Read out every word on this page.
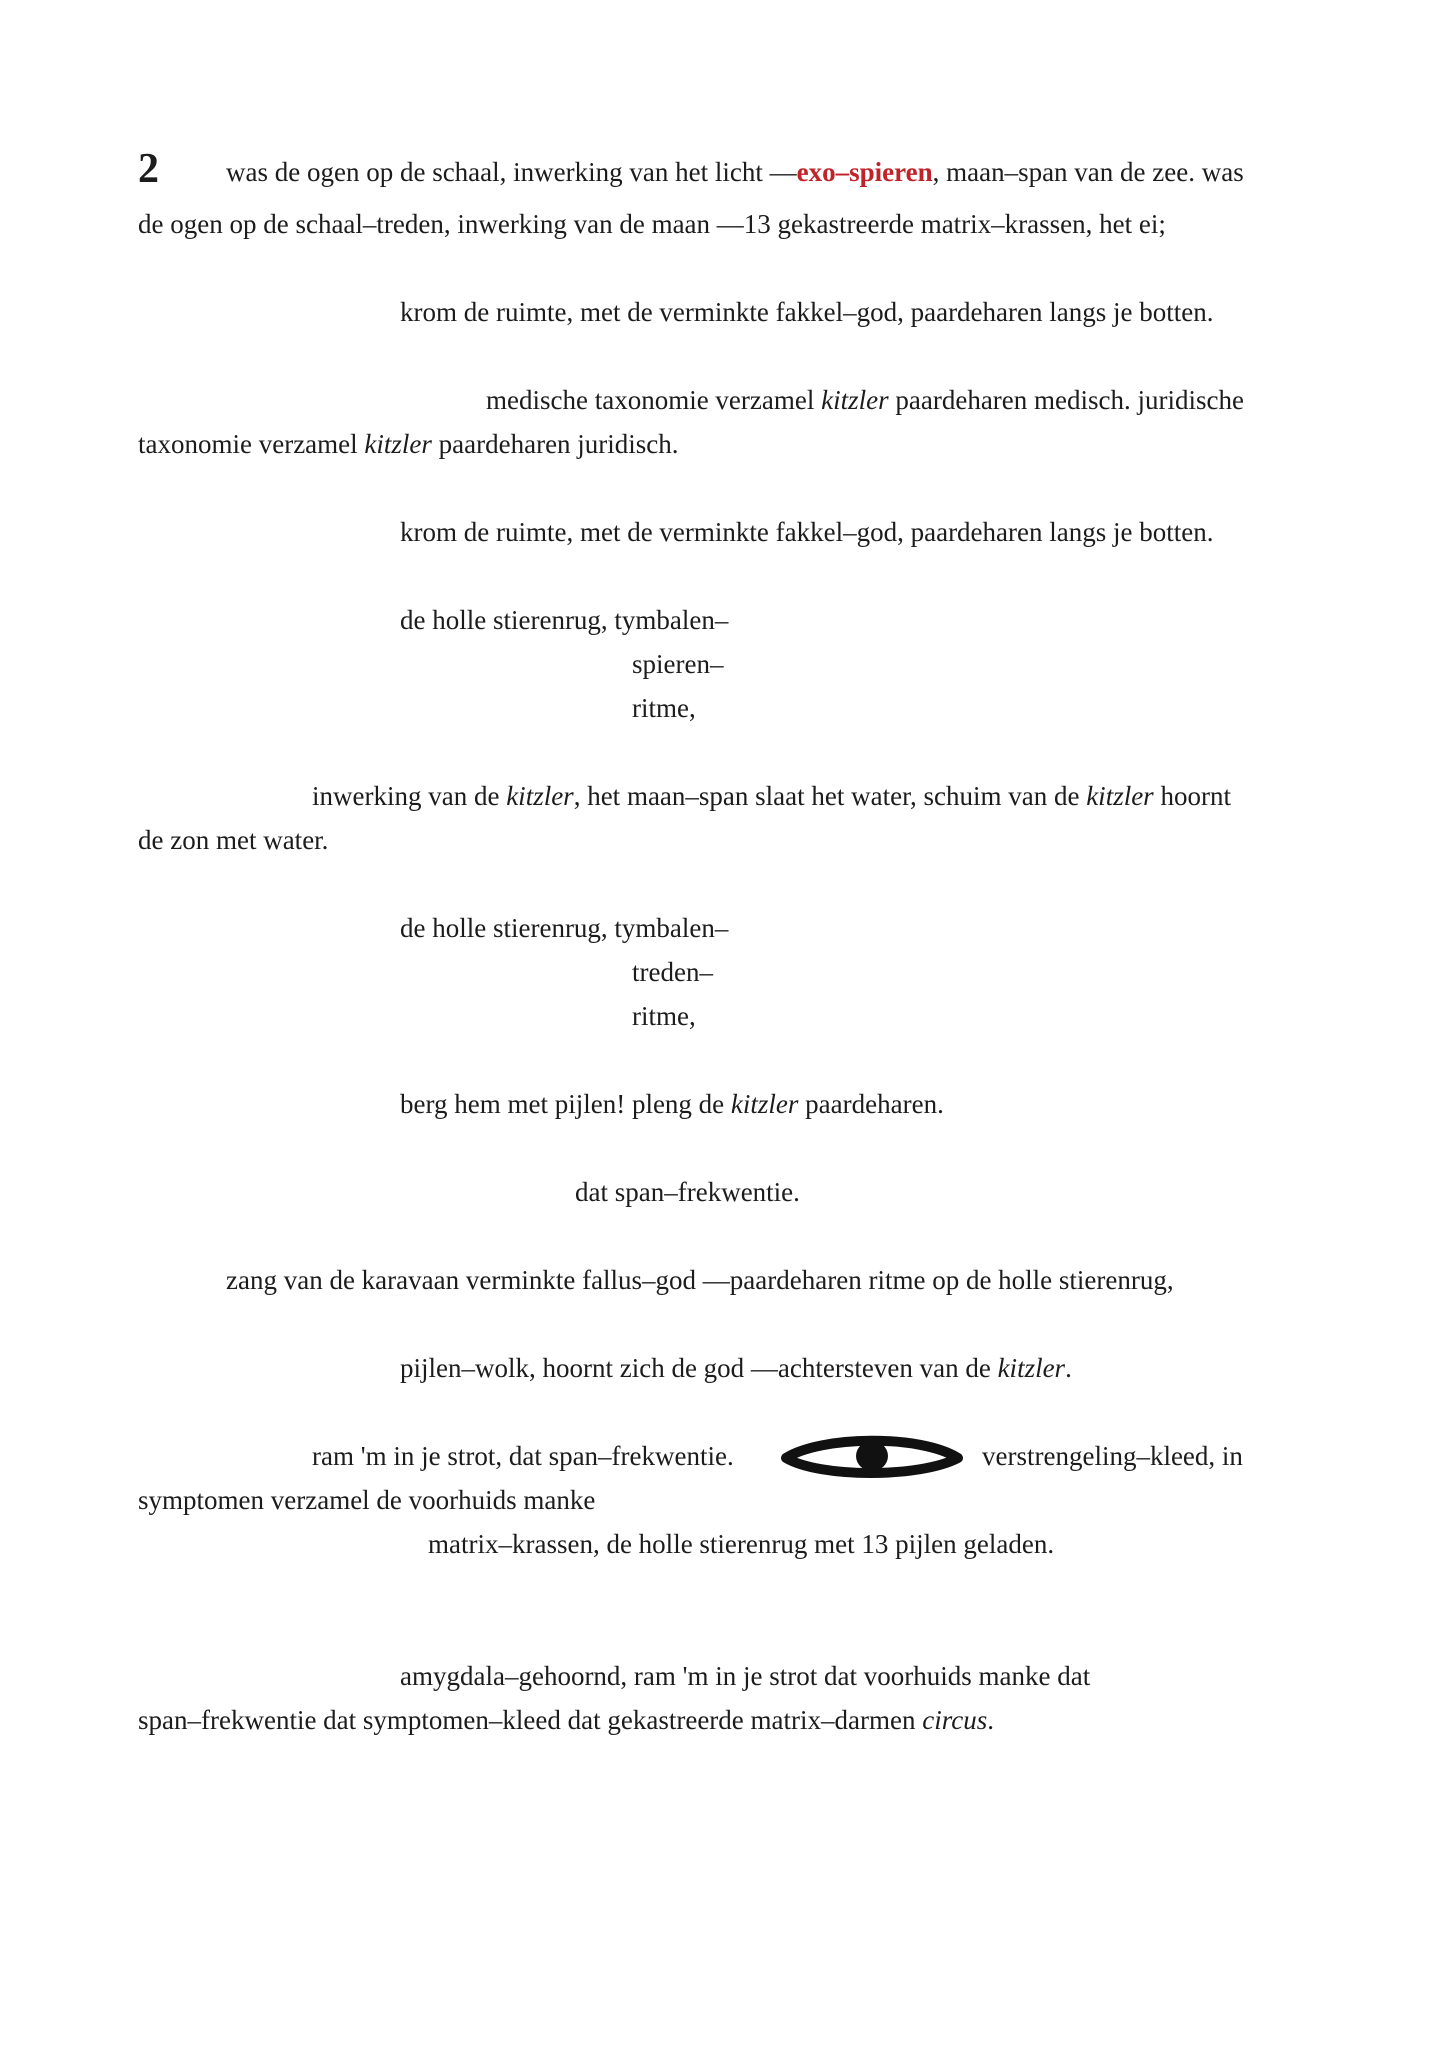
2 was de ogen op de schaal, inwerking van het licht —exo–spieren, maan–span van de zee. was
de ogen op de schaal–treden, inwerking van de maan —13 gekastreerde matrix–krassen, het ei;
krom de ruimte, met de verminkte fakkel–god, paardeharen langs je botten.
medische taxonomie verzamel kitzler paardeharen medisch. juridische
taxonomie verzamel kitzler paardeharen juridisch.
krom de ruimte, met de verminkte fakkel–god, paardeharen langs je botten.
de holle stierenrug, tymbalen–
spieren–
ritme,
inwerking van de kitzler, het maan–span slaat het water, schuim van de kitzler hoornt
de zon met water.
de holle stierenrug, tymbalen–
treden–
ritme,
berg hem met pijlen! pleng de kitzler paardeharen.
dat span–frekwentie.
zang van de karavaan verminkte fallus–god —paardeharen ritme op de holle stierenrug,
pijlen–wolk, hoornt zich de god —achtersteven van de kitzler.
ram 'm in je strot, dat span–frekwentie.	verstrengeling–kleed, in
symptomen verzamel de voorhuids manke
matrix–krassen, de holle stierenrug met 13 pijlen geladen.
amygdala–gehoornd, ram 'm in je strot dat voorhuids manke dat
span–frekwentie dat symptomen–kleed dat gekastreerde matrix–darmen circus.
